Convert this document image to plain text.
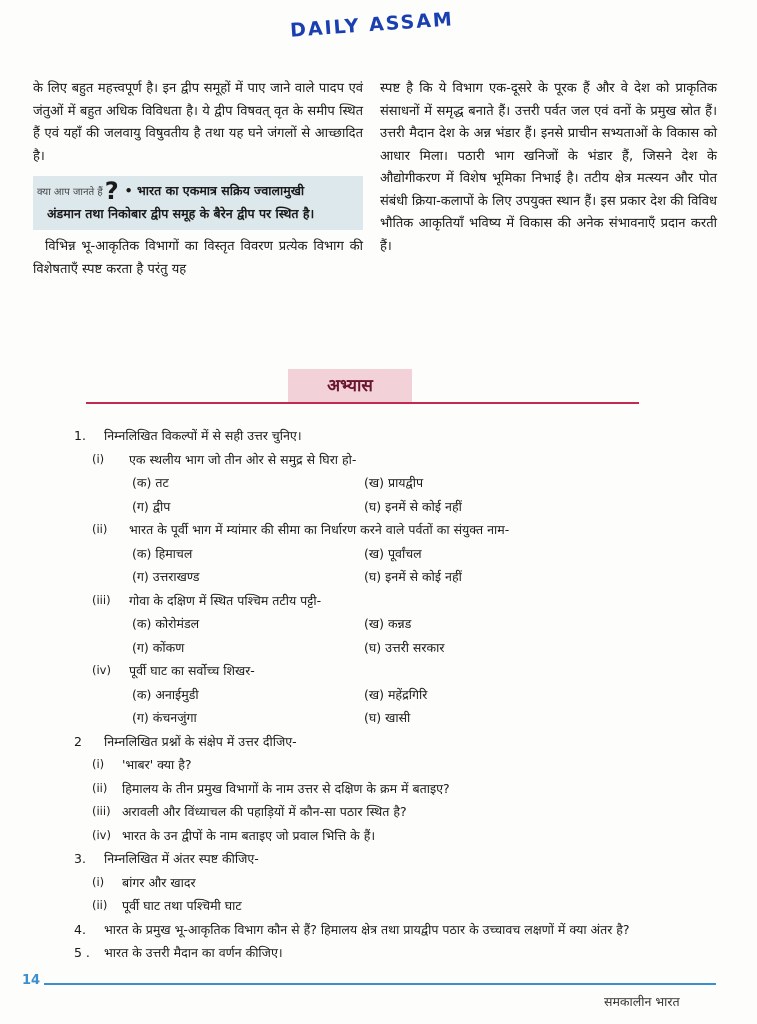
DAILY ASSAM

के लिए बहुत महत्त्वपूर्ण है। इन द्वीप समूहों में पाए जाने वाले पादप एवं जंतुओं में बहुत अधिक विविधता है। ये द्वीप विषवत् वृत के समीप स्थित हैं एवं यहाँ की जलवायु विषुवतीय है तथा यह घने जंगलों से आच्छादित है।

क्या आप जानते हैं? • भारत का एकमात्र सक्रिय ज्वालामुखी
अंडमान तथा निकोबार द्वीप समूह के बैरेन द्वीप पर स्थित है।

विभिन्न भू-आकृतिक विभागों का विस्तृत विवरण प्रत्येक विभाग की विशेषताएँ स्पष्ट करता है परंतु यह

स्पष्ट है कि ये विभाग एक-दूसरे के पूरक हैं और वे देश को प्राकृतिक संसाधनों में समृद्ध बनाते हैं। उत्तरी पर्वत जल एवं वनों के प्रमुख स्रोत हैं। उत्तरी मैदान देश के अन्न भंडार हैं। इनसे प्राचीन सभ्यताओं के विकास को आधार मिला। पठारी भाग खनिजों के भंडार हैं, जिसने देश के औद्योगीकरण में विशेष भूमिका निभाई है। तटीय क्षेत्र मत्स्यन और पोत संबंधी क्रिया-कलापों के लिए उपयुक्त स्थान हैं। इस प्रकार देश की विविध भौतिक आकृतियाँ भविष्य में विकास की अनेक संभावनाएँ प्रदान करती हैं।

अभ्यास
1. निम्नलिखित विकल्पों में से सही उत्तर चुनिए।
(i) एक स्थलीय भाग जो तीन ओर से समुद्र से घिरा हो-
(क) तट	(ख) प्रायद्वीप
(ग) द्वीप	(घ) इनमें से कोई नहीं
(ii) भारत के पूर्वी भाग में म्यांमार की सीमा का निर्धारण करने वाले पर्वतों का संयुक्त नाम-
(क) हिमाचल	(ख) पूर्वांचल
(ग) उत्तराखण्ड	(घ) इनमें से कोई नहीं
(iii) गोवा के दक्षिण में स्थित पश्चिम तटीय पट्टी-
(क) कोरोमंडल	(ख) कन्नड
(ग) कोंकण	(घ) उत्तरी सरकार
(iv) पूर्वी घाट का सर्वोच्च शिखर-
(क) अनाईमुडी	(ख) महेंद्रगिरि
(ग) कंचनजुंगा	(घ) खासी
2 निम्नलिखित प्रश्नों के संक्षेप में उत्तर दीजिए-
(i) 'भाबर' क्या है?
(ii) हिमालय के तीन प्रमुख विभागों के नाम उत्तर से दक्षिण के क्रम में बताइए?
(iii) अरावली और विंध्याचल की पहाड़ियों में कौन-सा पठार स्थित है?
(iv) भारत के उन द्वीपों के नाम बताइए जो प्रवाल भित्ति के हैं।
3. निम्नलिखित में अंतर स्पष्ट कीजिए-
(i) बांगर और खादर
(ii) पूर्वी घाट तथा पश्चिमी घाट
4. भारत के प्रमुख भू-आकृतिक विभाग कौन से हैं? हिमालय क्षेत्र तथा प्रायद्वीप पठार के उच्चावच लक्षणों में क्या अंतर है?
5 . भारत के उत्तरी मैदान का वर्णन कीजिए।
14
समकालीन भारत
